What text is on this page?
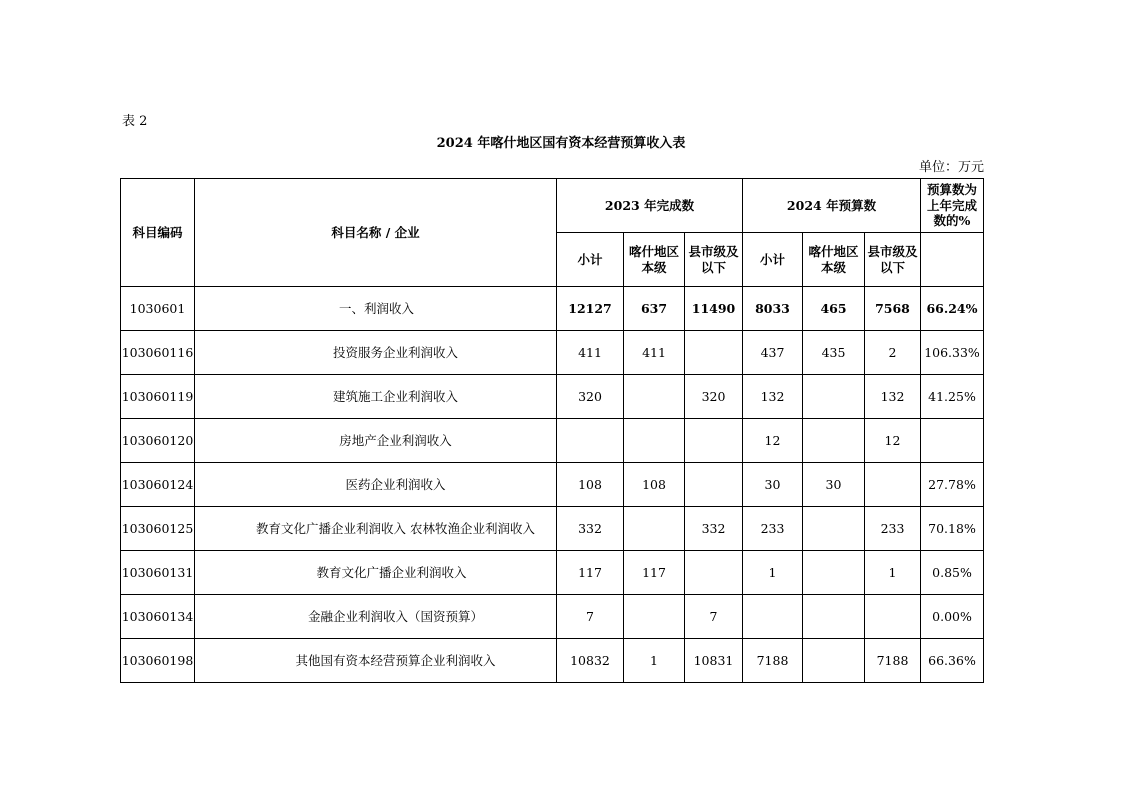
表 2
2024 年喀什地区国有资本经营预算收入表
单位：万元
科目编码	科目名称 / 企业	2023 年完成数			2024 年预算数			预算数为上年完成数的%
		小计	喀什地区本级	县市级及以下	小计	喀什地区本级	县市级及以下	
1030601	一、利润收入	12127	637	11490	8033	465	7568	66.24%
103060116	投资服务企业利润收入	411	411		437	435	2	106.33%
103060119	建筑施工企业利润收入	320		320	132		132	41.25%
103060120	房地产企业利润收入				12		12	
103060124	医药企业利润收入	108	108		30	30		27.78%
103060125	教育文化广播企业利润收入 农林牧渔企业利润收入	332		332	233		233	70.18%
103060131	教育文化广播企业利润收入	117	117		1		1	0.85%
103060134	金融企业利润收入（国资预算）	7		7				0.00%
103060198	其他国有资本经营预算企业利润收入	10832	1	10831	7188		7188	66.36%
